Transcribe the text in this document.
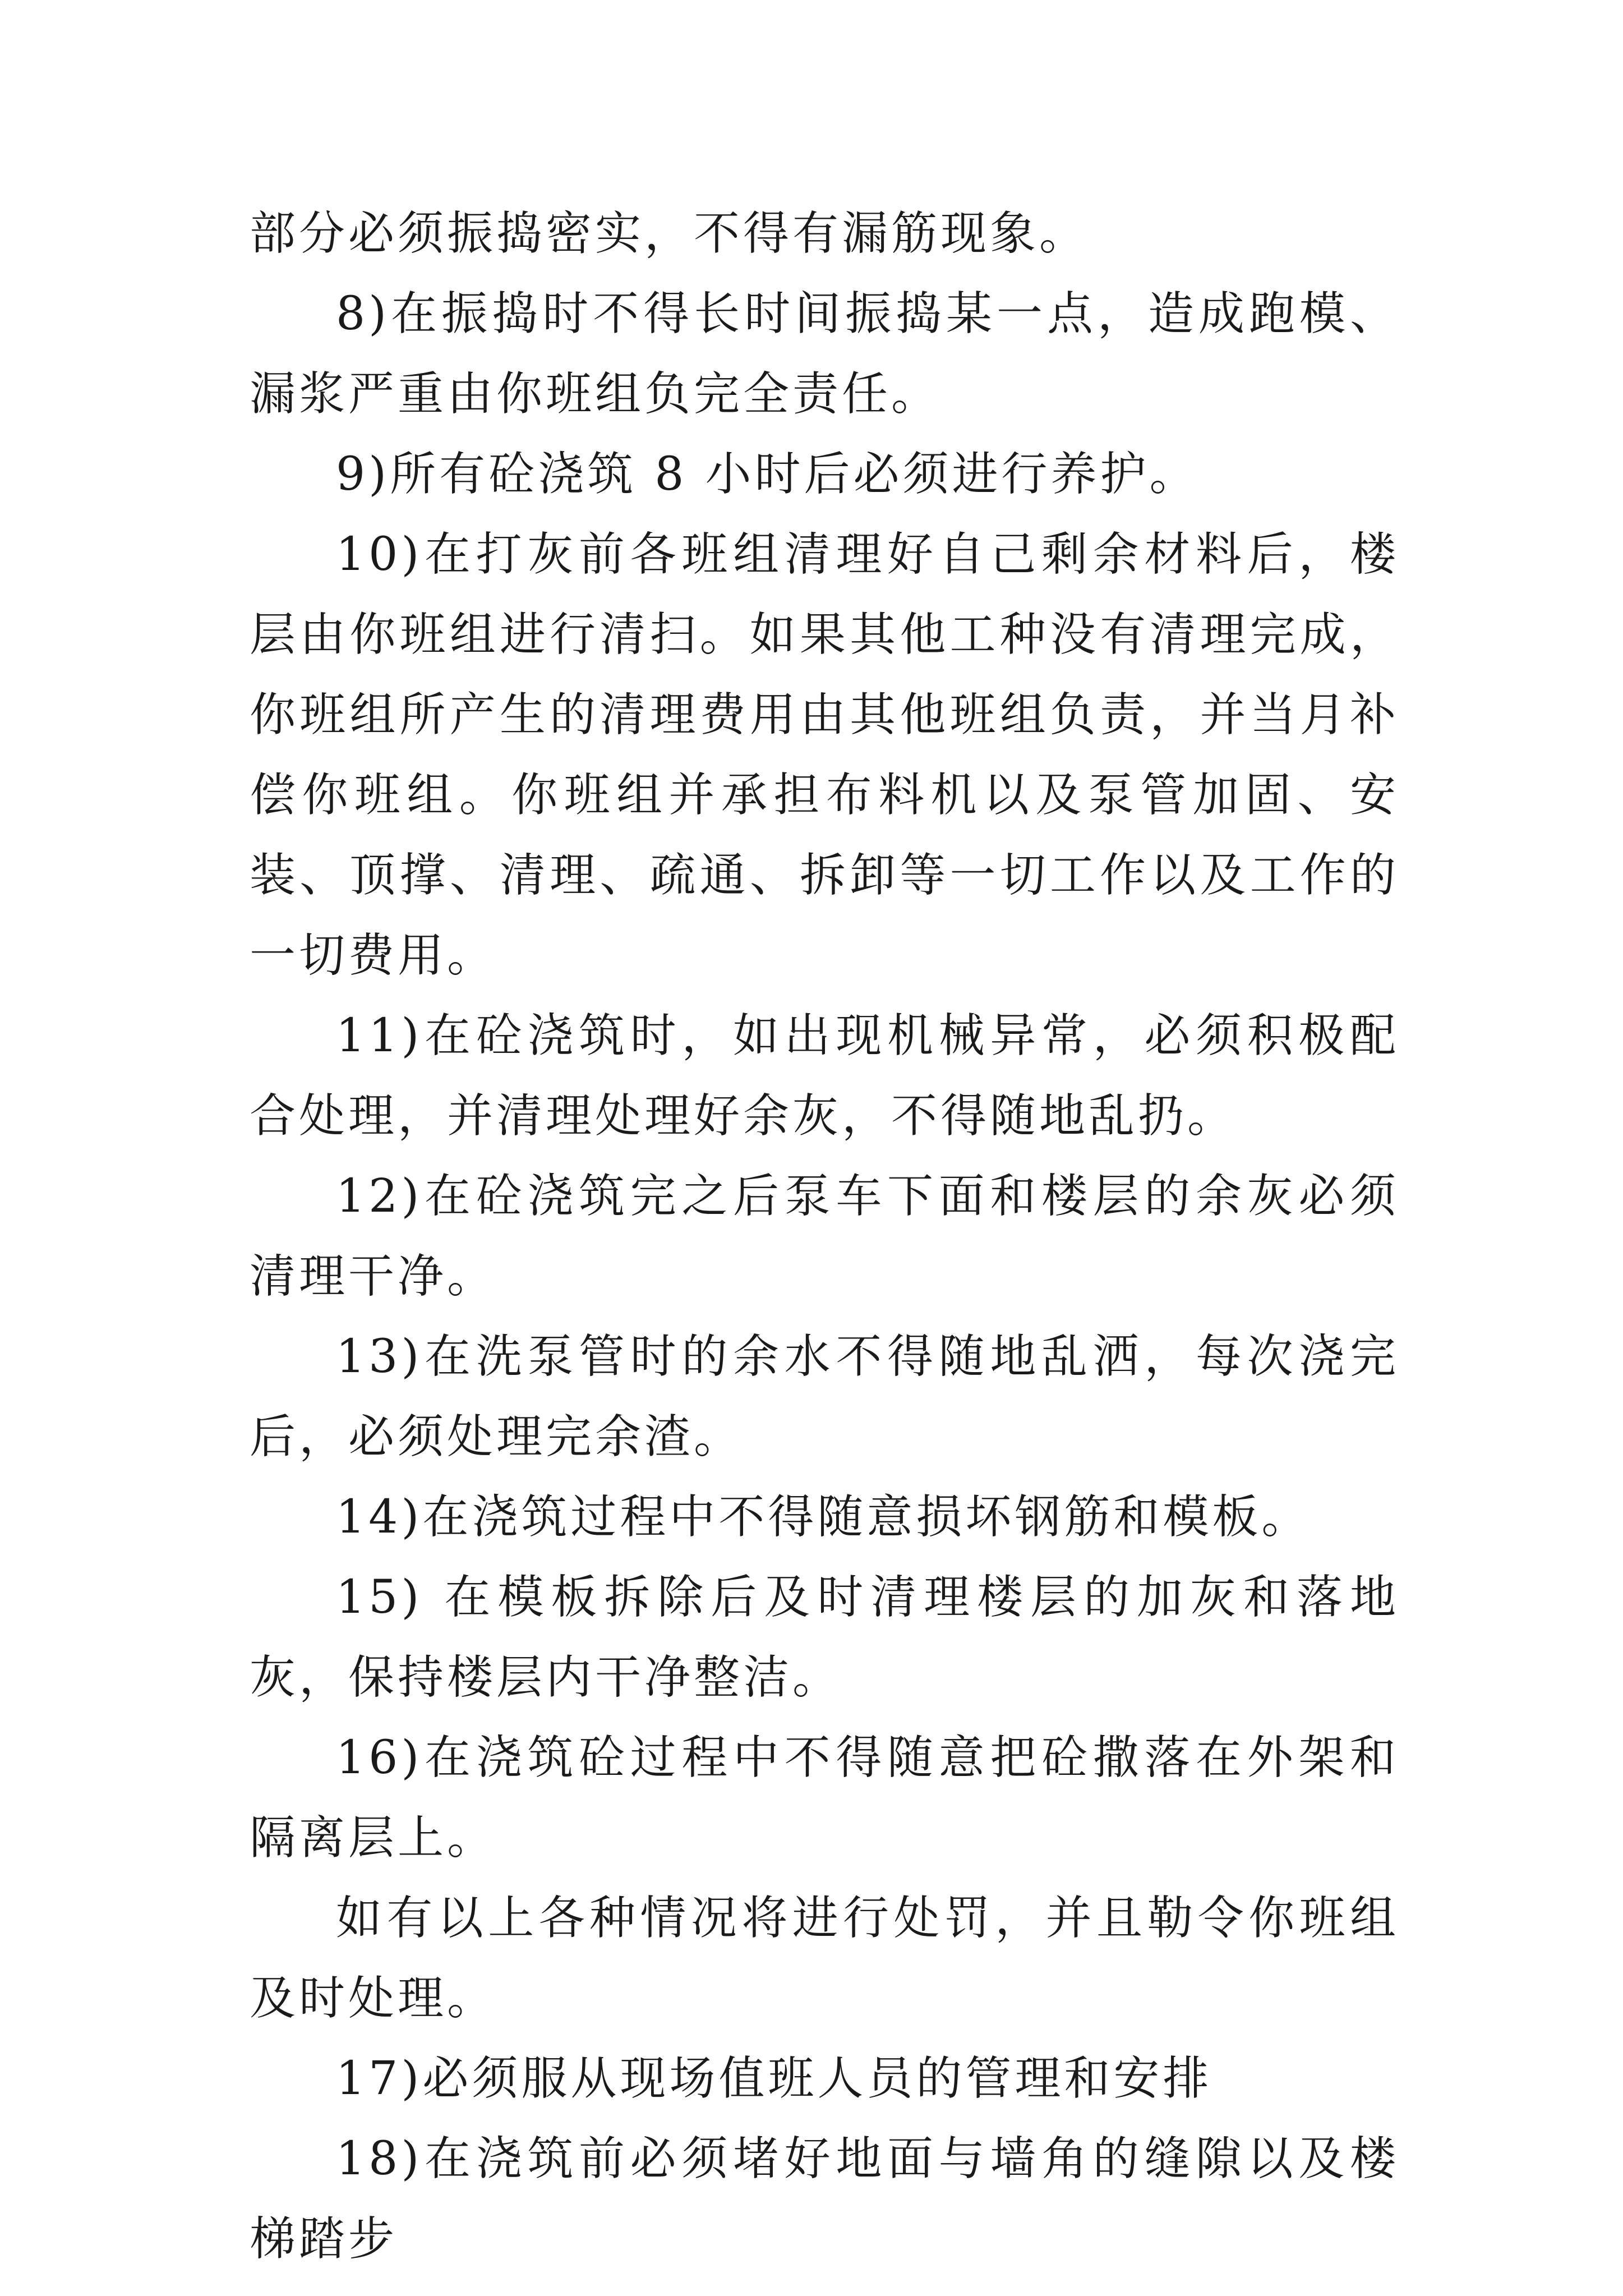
部分必须振捣密实，不得有漏筋现象。

8)在振捣时不得长时间振捣某一点，造成跑模、漏浆严重由你班组负完全责任。

9)所有砼浇筑 8 小时后必须进行养护。

10)在打灰前各班组清理好自己剩余材料后，楼层由你班组进行清扫。如果其他工种没有清理完成，你班组所产生的清理费用由其他班组负责，并当月补偿你班组。你班组并承担布料机以及泵管加固、安装、顶撑、清理、疏通、拆卸等一切工作以及工作的一切费用。

11)在砼浇筑时，如出现机械异常，必须积极配合处理，并清理处理好余灰，不得随地乱扔。

12)在砼浇筑完之后泵车下面和楼层的余灰必须清理干净。

13)在洗泵管时的余水不得随地乱洒，每次浇完后，必须处理完余渣。

14)在浇筑过程中不得随意损坏钢筋和模板。

15) 在模板拆除后及时清理楼层的加灰和落地灰，保持楼层内干净整洁。

16)在浇筑砼过程中不得随意把砼撒落在外架和隔离层上。

如有以上各种情况将进行处罚，并且勒令你班组及时处理。

17)必须服从现场值班人员的管理和安排

18)在浇筑前必须堵好地面与墙角的缝隙以及楼梯踏步
